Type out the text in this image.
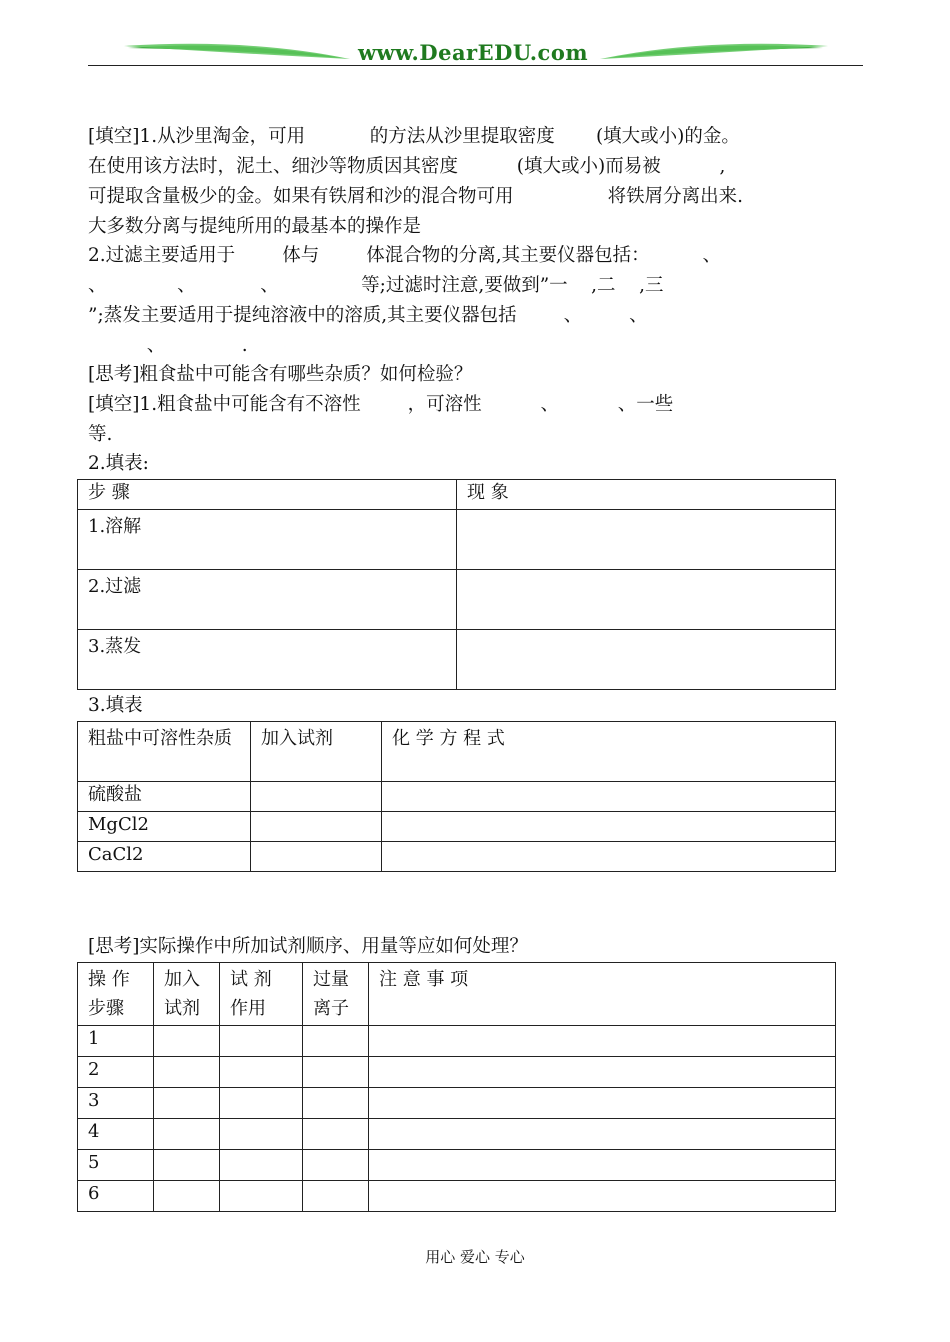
www.DearEDU.com
[填空]1.从沙里淘金，可用           的方法从沙里提取密度       (填大或小)的金。
在使用该方法时，泥土、细沙等物质因其密度          (填大或小)而易被          ,
可提取含量极少的金。如果有铁屑和沙的混合物可用                将铁屑分离出来.
大多数分离与提纯所用的最基本的操作是
2.过滤主要适用于        体与        体混合物的分离,其主要仪器包括：         、
、            、           、              等;过滤时注意,要做到”一    ,二    ,三
”;蒸发主要适用于提纯溶液中的溶质,其主要仪器包括        、        、
、             .
[思考]粗食盐中可能含有哪些杂质？如何检验？
[填空]1.粗食盐中可能含有不溶性        ，可溶性          、          、一些
等.
2.填表:
步 骤	现 象
1.溶解	
2.过滤	
3.蒸发	
3.填表
粗盐中可溶性杂质	加入试剂	化 学 方 程 式
硫酸盐		
MgCl2		
CaCl2		
[思考]实际操作中所加试剂顺序、用量等应如何处理？
操 作 步骤	加入 试剂	试 剂 作用	过量 离子	注 意 事 项
1				
2				
3				
4				
5				
6				
用心 爱心 专心
